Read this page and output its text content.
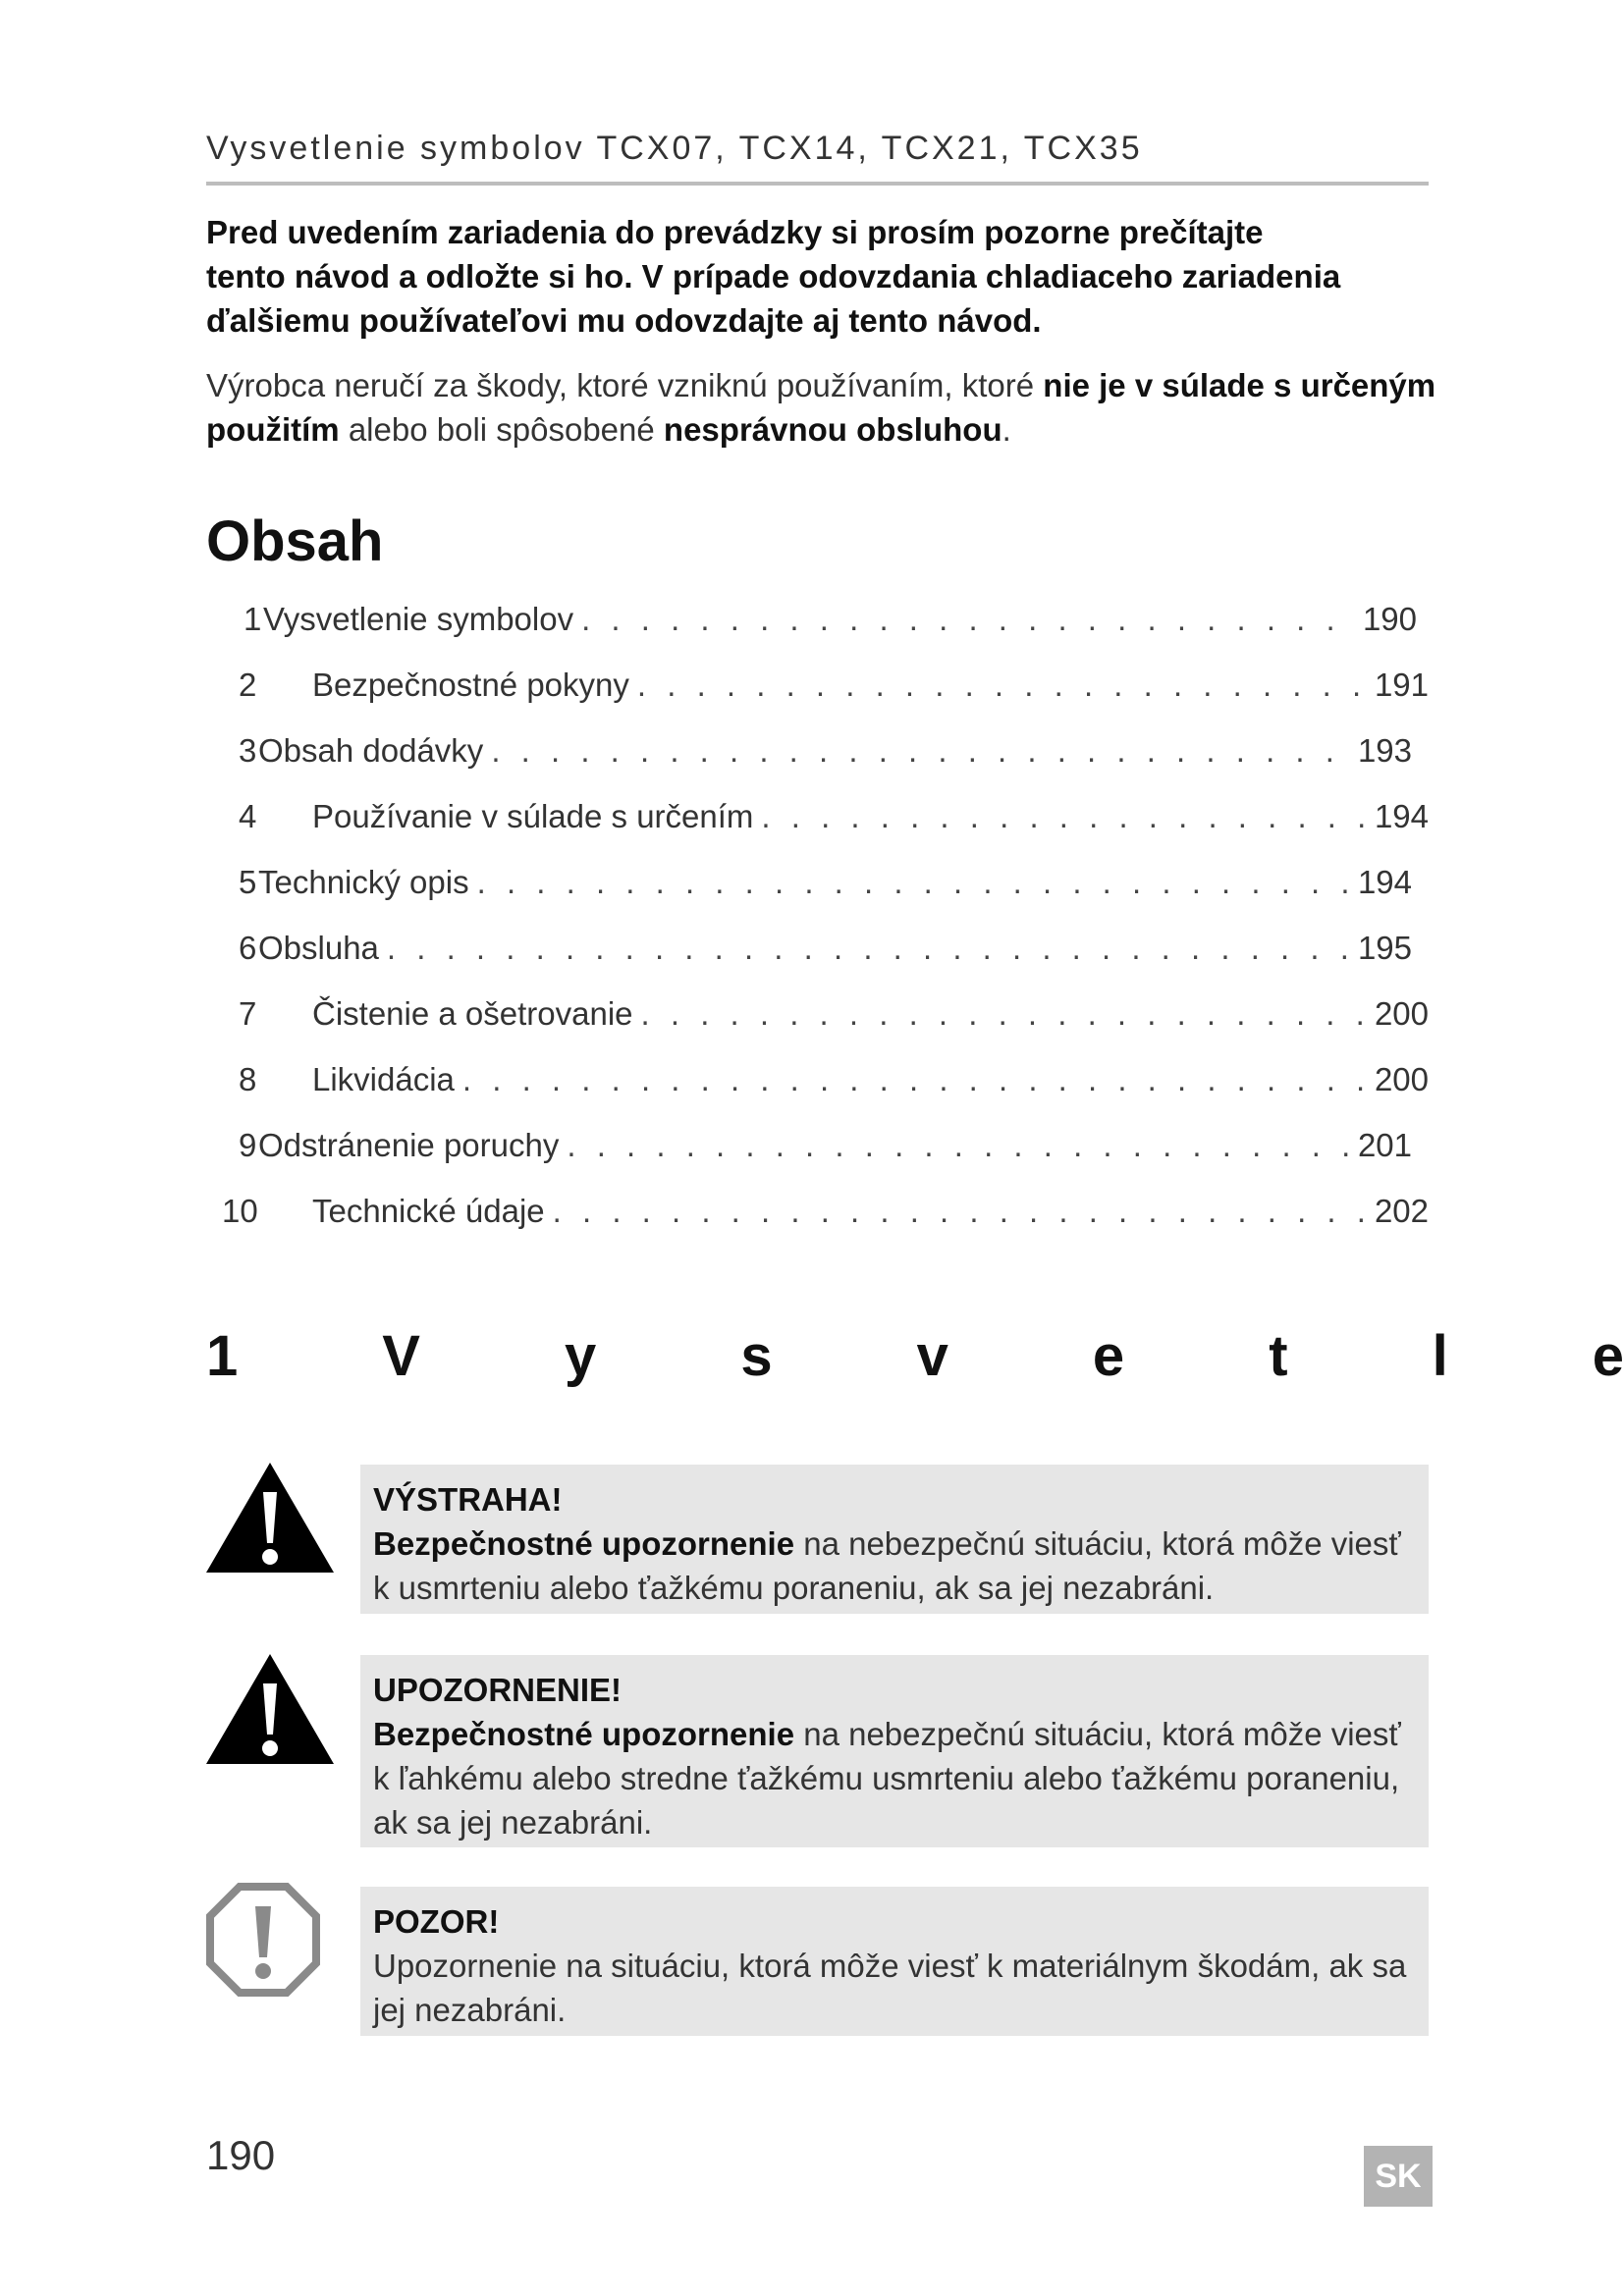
Vysvetlenie symbolov TCX07, TCX14, TCX21, TCX35

Pred uvedením zariadenia do prevádzky si prosím pozorne prečítajte

tento návod a odložte si ho. V prípade odovzdania chladiaceho zariadenia

ďalšiemu používateľovi mu odovzdajte aj tento návod.

Výrobca neručí za škody, ktoré vzniknú používaním, ktoré nie je v súlade s určeným použitím alebo boli spôsobené nesprávnou obsluhou.
Obsah
1 Vysvetlenie symbolov . . .	190
2	Bezpečnostné pokyny . . .	191
3 Obsah dodávky . . .	193
4	Používanie v súlade s určením . . .	194
5 Technický opis . . .	194
6 Obsluha . . .	195
7	Čistenie a ošetrovanie . . .	200
8	Likvidácia . . .	200
9 Odstránenie poruchy . . .	201
10	Technické údaje . . .	202
1	V	y	s	v	e	t	l	e
VÝSTRAHA!
Bezpečnostné upozornenie na nebezpečnú situáciu, ktorá môže viesť k usmrteniu alebo ťažkému poraneniu, ak sa jej nezabráni.
UPOZORNENIE!
Bezpečnostné upozornenie na nebezpečnú situáciu, ktorá môže viesť k ľahkému alebo stredne ťažkému usmrteniu alebo ťažkému poraneniu, ak sa jej nezabráni.
POZOR!
Upozornenie na situáciu, ktorá môže viesť k materiálnym škodám, ak sa jej nezabráni.
190	SK
